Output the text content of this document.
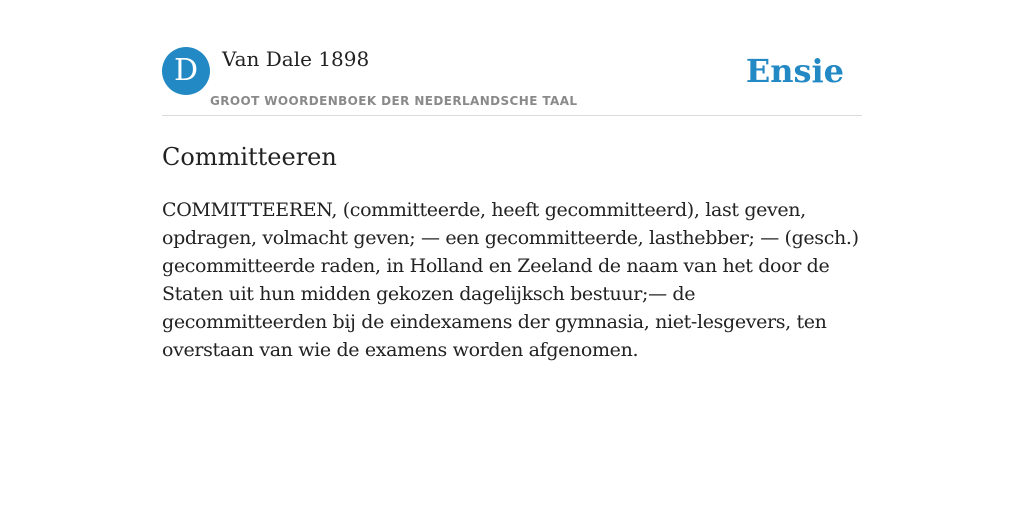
D	Van Dale 1898
GROOT WOORDENBOEK DER NEDERLANDSCHE TAAL
Ensie
Committeeren

COMMITTEEREN, (committeerde, heeft gecommitteerd), last geven, opdragen, volmacht geven; — een gecommitteerde, lasthebber; — (gesch.) gecommitteerde raden, in Holland en Zeeland de naam van het door de Staten uit hun midden gekozen dagelijksch bestuur;— de gecommitteerden bij de eindexamens der gymnasia, niet-lesgevers, ten overstaan van wie de examens worden afgenomen.
